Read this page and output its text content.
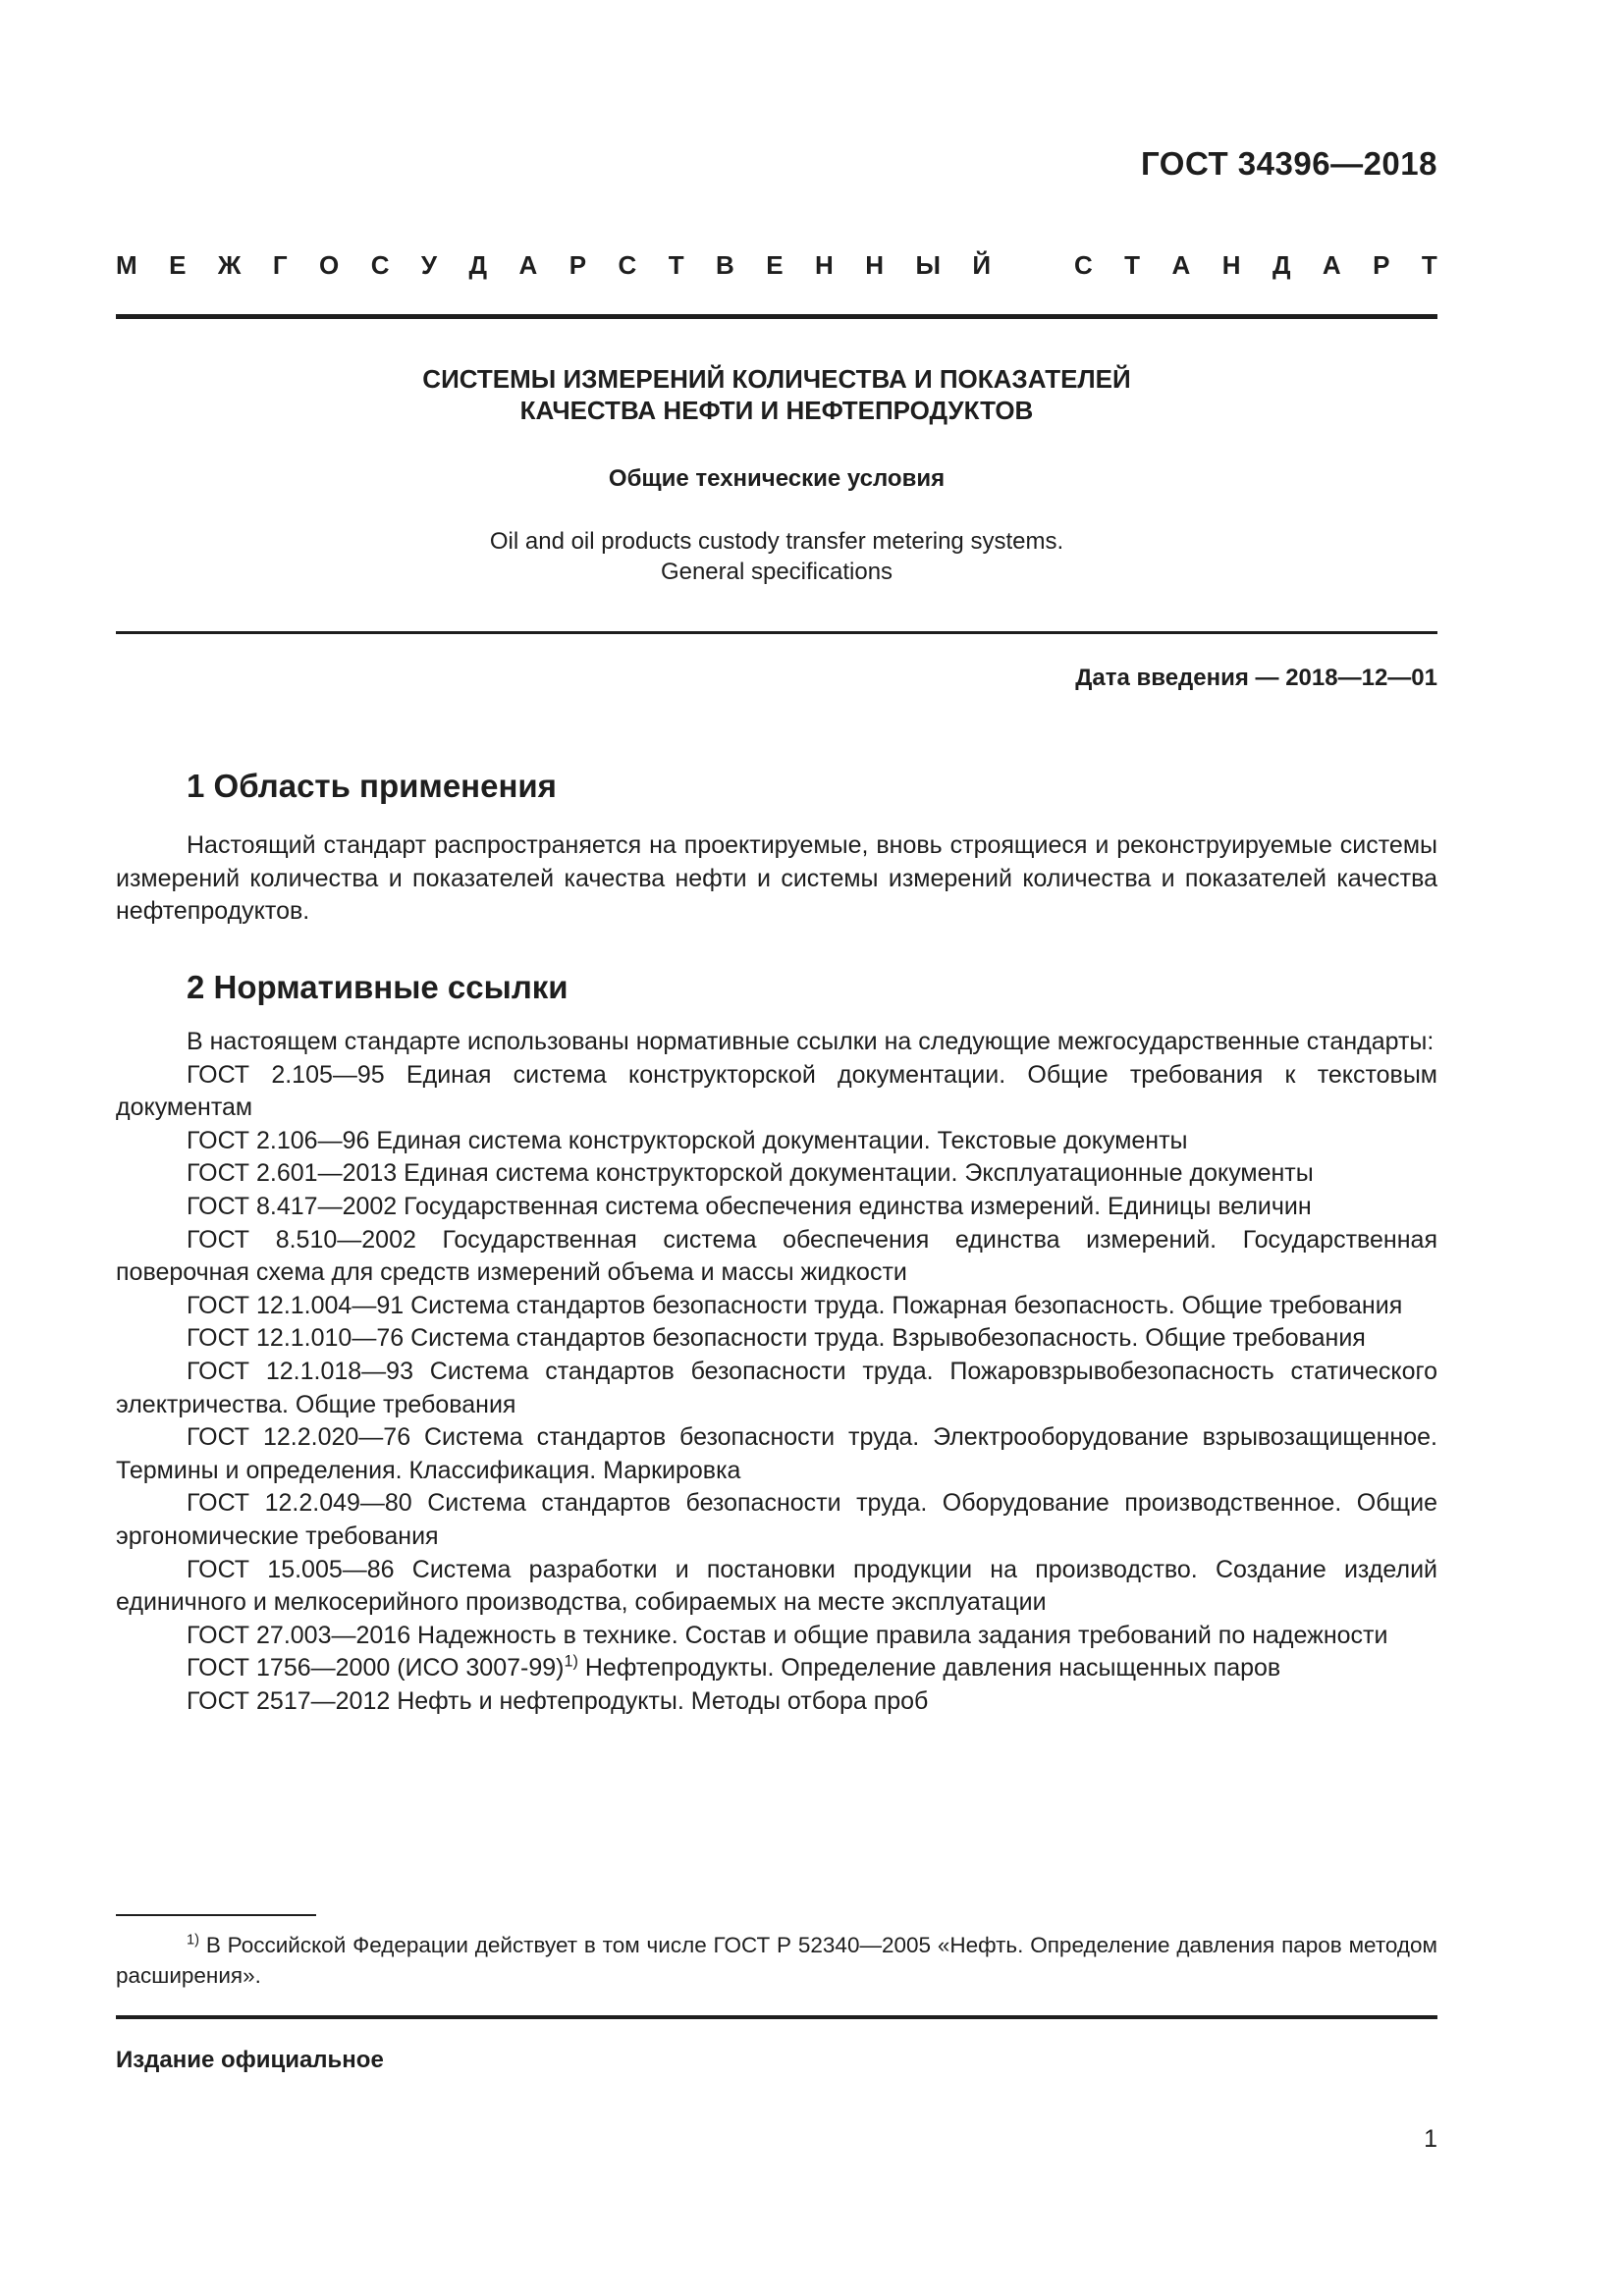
ГОСТ 34396—2018
М Е Ж Г О С У Д А Р С Т В Е Н Н Ы Й	С Т А Н Д А Р Т
СИСТЕМЫ ИЗМЕРЕНИЙ КОЛИЧЕСТВА И ПОКАЗАТЕЛЕЙ
КАЧЕСТВА НЕФТИ И НЕФТЕПРОДУКТОВ
Общие технические условия
Oil and oil products custody transfer metering systems.
General specifications
Дата введения — 2018—12—01
1 Область применения
Настоящий стандарт распространяется на проектируемые, вновь строящиеся и реконструируемые системы измерений количества и показателей качества нефти и системы измерений количества и показателей качества нефтепродуктов.
2 Нормативные ссылки

В настоящем стандарте использованы нормативные ссылки на следующие межгосударственные стандарты:

ГОСТ 2.105—95 Единая система конструкторской документации. Общие требования к текстовым документам

ГОСТ 2.106—96 Единая система конструкторской документации. Текстовые документы

ГОСТ 2.601—2013 Единая система конструкторской документации. Эксплуатационные документы

ГОСТ 8.417—2002 Государственная система обеспечения единства измерений. Единицы величин

ГОСТ 8.510—2002 Государственная система обеспечения единства измерений. Государственная поверочная схема для средств измерений объема и массы жидкости

ГОСТ 12.1.004—91 Система стандартов безопасности труда. Пожарная безопасность. Общие требования

ГОСТ 12.1.010—76 Система стандартов безопасности труда. Взрывобезопасность. Общие требования

ГОСТ 12.1.018—93 Система стандартов безопасности труда. Пожаровзрывобезопасность статического электричества. Общие требования

ГОСТ 12.2.020—76 Система стандартов безопасности труда. Электрооборудование взрывозащищенное. Термины и определения. Классификация. Маркировка

ГОСТ 12.2.049—80 Система стандартов безопасности труда. Оборудование производственное. Общие эргономические требования

ГОСТ 15.005—86 Система разработки и постановки продукции на производство. Создание изделий единичного и мелкосерийного производства, собираемых на месте эксплуатации

ГОСТ 27.003—2016 Надежность в технике. Состав и общие правила задания требований по надежности

ГОСТ 1756—2000 (ИСО 3007-99)$^{1)}$ Нефтепродукты. Определение давления насыщенных паров

ГОСТ 2517—2012 Нефть и нефтепродукты. Методы отбора проб

$^{1)}$ В Российской Федерации действует в том числе ГОСТ Р 52340—2005 «Нефть. Определение давления паров методом расширения».
Издание официальное
1
